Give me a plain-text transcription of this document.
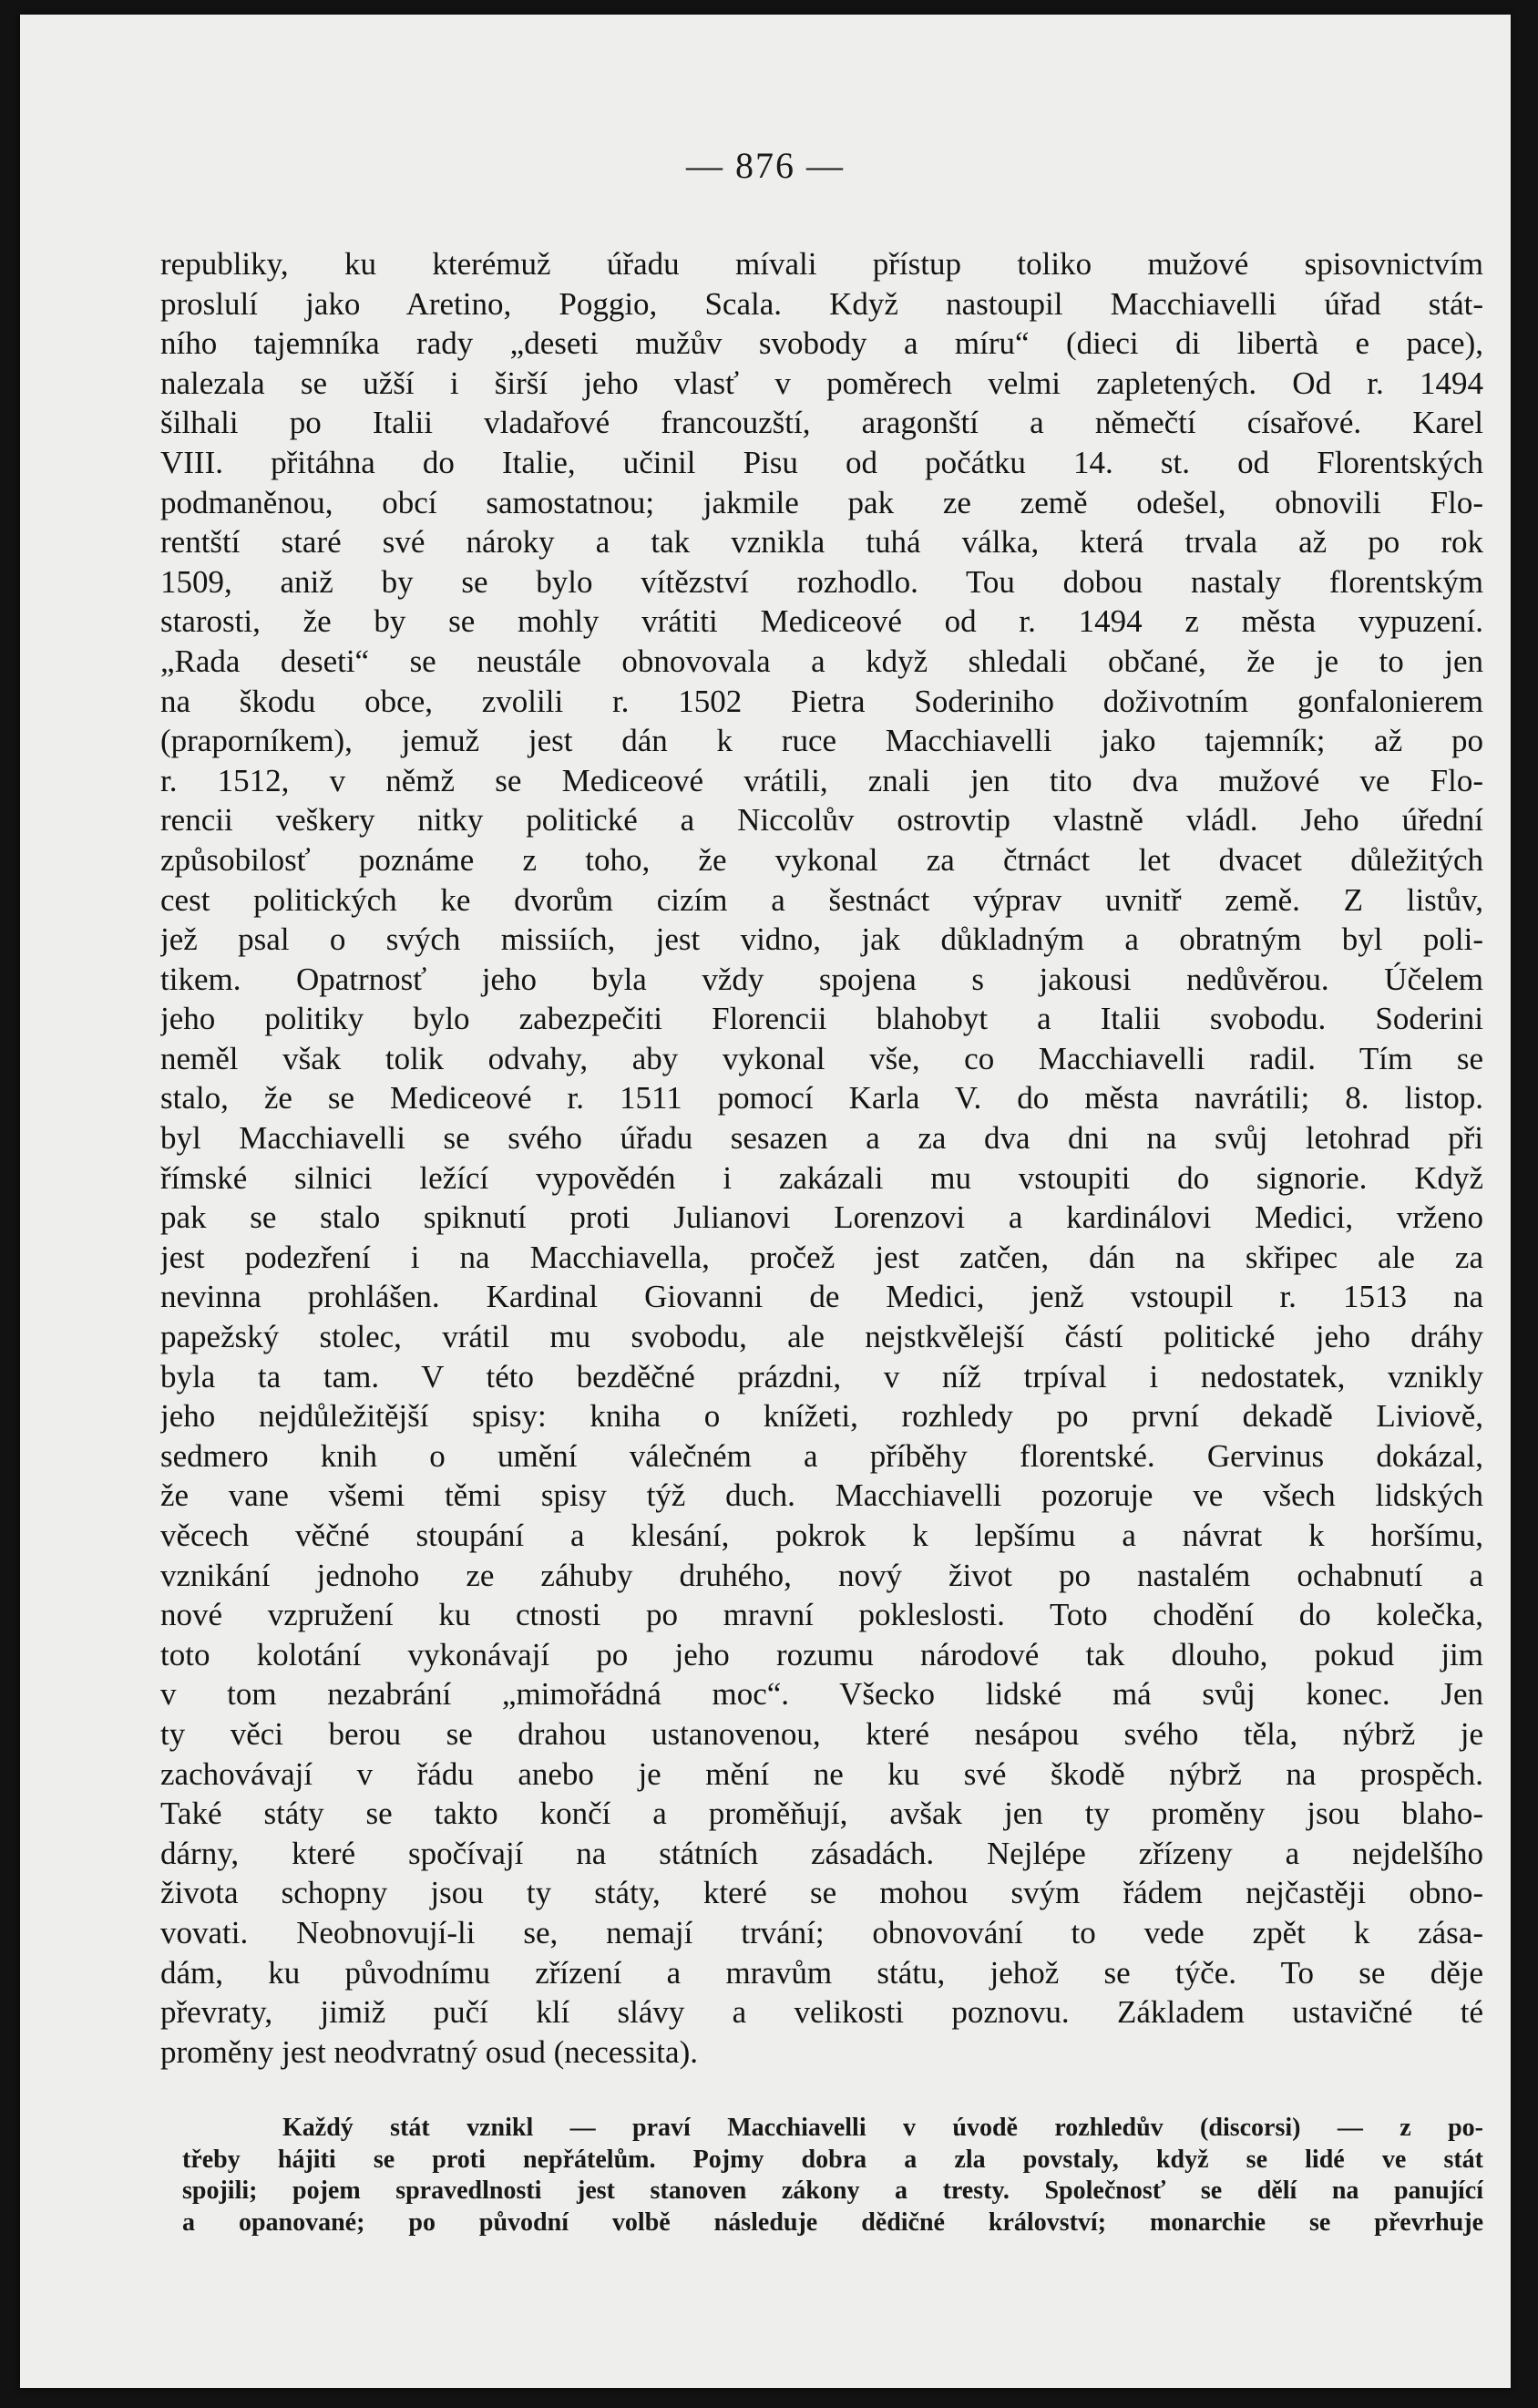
— 876 —
republiky, ku kterémuž úřadu mívali přístup toliko mužové spisovnictvím
proslulí jako Aretino, Poggio, Scala. Když nastoupil Macchiavelli úřad stát-
ního tajemníka rady „deseti mužův svobody a míru“ (dieci di libertà e pace),
nalezala se užší i širší jeho vlasť v poměrech velmi zapletených. Od r. 1494
šilhali po Italii vladařové francouzští, aragonští a němečtí císařové. Karel
VIII. přitáhna do Italie, učinil Pisu od počátku 14. st. od Florentských
podmaněnou, obcí samostatnou; jakmile pak ze země odešel, obnovili Flo-
rentští staré své nároky a tak vznikla tuhá válka, která trvala až po rok
1509, aniž by se bylo vítězství rozhodlo. Tou dobou nastaly florentským
starosti, že by se mohly vrátiti Mediceové od r. 1494 z města vypuzení.
„Rada deseti“ se neustále obnovovala a když shledali občané, že je to jen
na škodu obce, zvolili r. 1502 Pietra Soderiniho doživotním gonfalonierem
(praporníkem), jemuž jest dán k ruce Macchiavelli jako tajemník; až po
r. 1512, v němž se Mediceové vrátili, znali jen tito dva mužové ve Flo-
rencii veškery nitky politické a Niccolův ostrovtip vlastně vládl. Jeho úřední
způsobilosť poznáme z toho, že vykonal za čtrnáct let dvacet důležitých
cest politických ke dvorům cizím a šestnáct výprav uvnitř země. Z listův,
jež psal o svých missiích, jest vidno, jak důkladným a obratným byl poli-
tikem. Opatrnosť jeho byla vždy spojena s jakousi nedůvěrou. Účelem
jeho politiky bylo zabezpečiti Florencii blahobyt a Italii svobodu. Soderini
neměl však tolik odvahy, aby vykonal vše, co Macchiavelli radil. Tím se
stalo, že se Mediceové r. 1511 pomocí Karla V. do města navrátili; 8. listop.
byl Macchiavelli se svého úřadu sesazen a za dva dni na svůj letohrad při
římské silnici ležící vypovědén i zakázali mu vstoupiti do signorie. Když
pak se stalo spiknutí proti Julianovi Lorenzovi a kardinálovi Medici, vrženo
jest podezření i na Macchiavella, pročež jest zatčen, dán na skřipec ale za
nevinna prohlášen. Kardinal Giovanni de Medici, jenž vstoupil r. 1513 na
papežský stolec, vrátil mu svobodu, ale nejstkvělejší částí politické jeho dráhy
byla ta tam. V této bezděčné prázdni, v níž trpíval i nedostatek, vznikly
jeho nejdůležitější spisy: kniha o knížeti, rozhledy po první dekadě Liviově,
sedmero knih o umění válečném a příběhy florentské. Gervinus dokázal,
že vane všemi těmi spisy týž duch. Macchiavelli pozoruje ve všech lidských
věcech věčné stoupání a klesání, pokrok k lepšímu a návrat k horšímu,
vznikání jednoho ze záhuby druhého, nový život po nastalém ochabnutí a
nové vzpružení ku ctnosti po mravní pokleslosti. Toto chodění do kolečka,
toto kolotání vykonávají po jeho rozumu národové tak dlouho, pokud jim
v tom nezabrání „mimořádná moc“. Všecko lidské má svůj konec. Jen
ty věci berou se drahou ustanovenou, které nesápou svého těla, nýbrž je
zachovávají v řádu anebo je mění ne ku své škodě nýbrž na prospěch.
Také státy se takto končí a proměňují, avšak jen ty proměny jsou blaho-
dárny, které spočívají na státních zásadách. Nejlépe zřízeny a nejdelšího
života schopny jsou ty státy, které se mohou svým řádem nejčastěji obno-
vovati. Neobnovují-li se, nemají trvání; obnovování to vede zpět k zása-
dám, ku původnímu zřízení a mravům státu, jehož se týče. To se děje
převraty, jimiž pučí klí slávy a velikosti poznovu. Základem ustavičné té
proměny jest neodvratný osud (necessita).
Každý stát vznikl — praví Macchiavelli v úvodě rozhledův (discorsi) — z po-
třeby hájiti se proti nepřátelům. Pojmy dobra a zla povstaly, když se lidé ve stát
spojili; pojem spravedlnosti jest stanoven zákony a tresty. Společnosť se dělí na panující
a opanované; po původní volbě následuje dědičné království; monarchie se převrhuje
